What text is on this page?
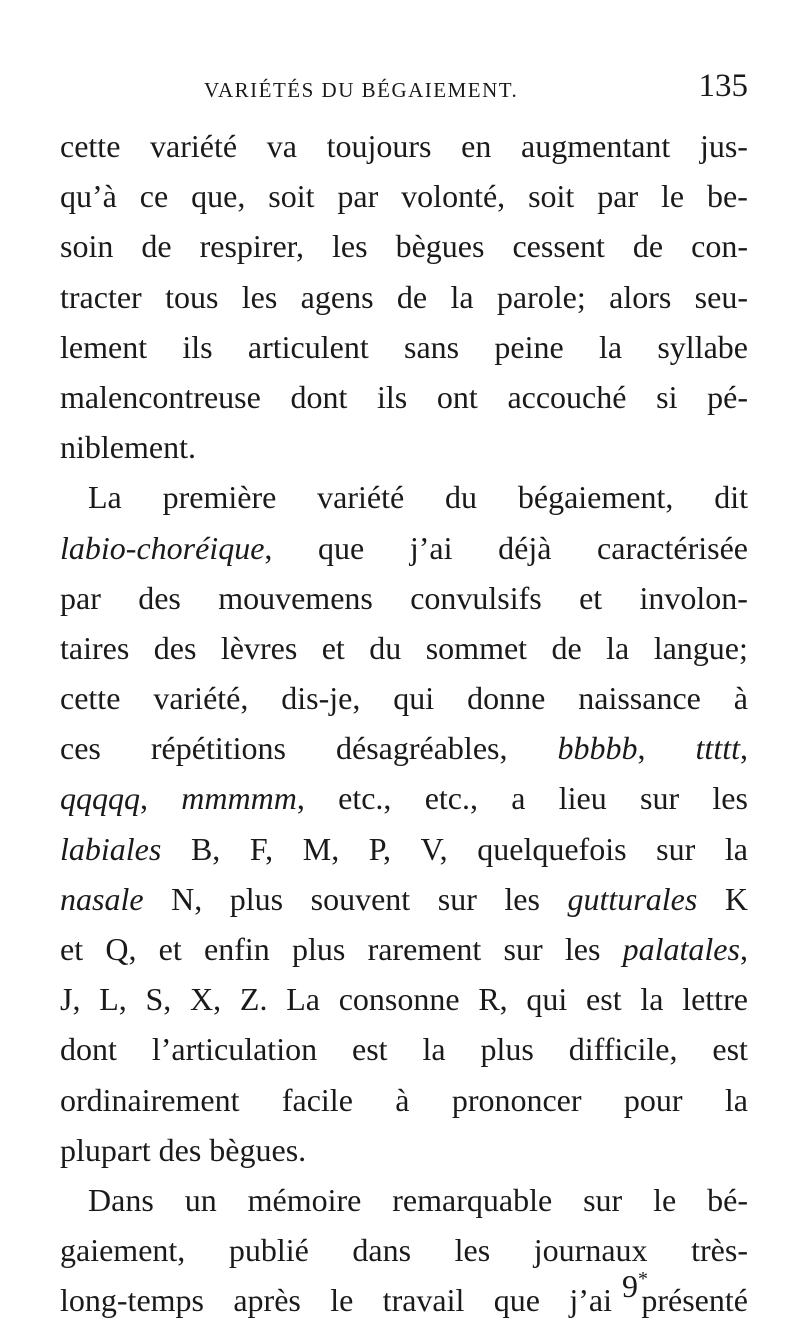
VARIÉTÉS DU BÉGAIEMENT.	135
cette variété va toujours en augmentant jus-
qu’à ce que, soit par volonté, soit par le be-
soin de respirer, les bègues cessent de con-
tracter tous les agens de la parole; alors seu-
lement ils articulent sans peine la syllabe
malencontreuse dont ils ont accouché si pé-
niblement.
La première variété du bégaiement, dit
labio-choréique, que j’ai déjà caractérisée
par des mouvemens convulsifs et involon-
taires des lèvres et du sommet de la langue;
cette variété, dis-je, qui donne naissance à
ces répétitions désagréables, bbbbb, ttttt,
qqqqq, mmmmm, etc., etc., a lieu sur les
labiales B, F, M, P, V, quelquefois sur la
nasale N, plus souvent sur les gutturales K
et Q, et enfin plus rarement sur les palatales,
J, L, S, X, Z. La consonne R, qui est la lettre
dont l’articulation est la plus difficile, est
ordinairement facile à prononcer pour la
plupart
des
bègues.
Dans un mémoire remarquable sur le bé-
gaiement, publié dans les journaux très-
long-temps après le travail que j’ai présenté
9*
